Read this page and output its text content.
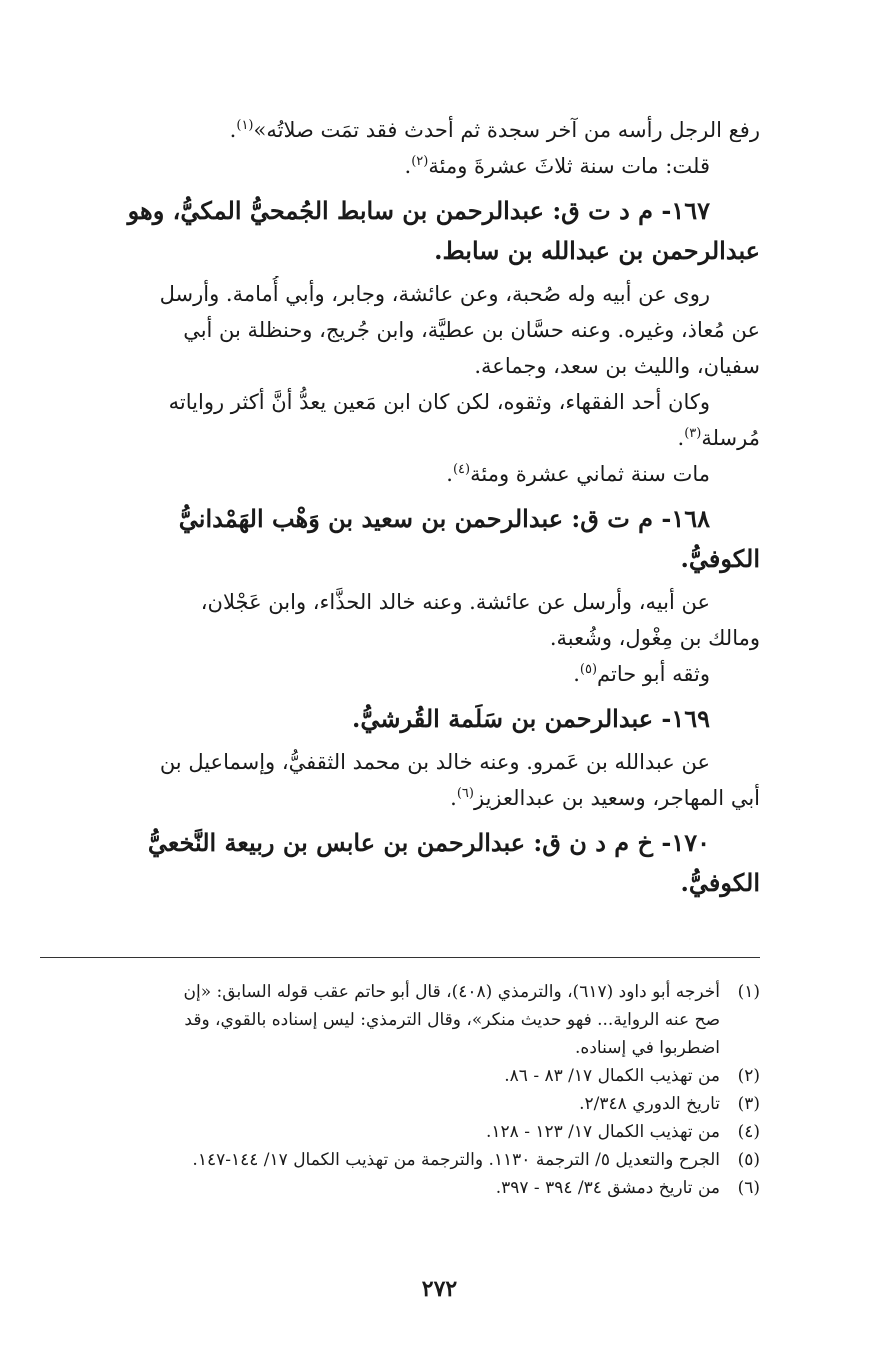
رفع الرجل رأسه من آخر سجدة ثم أحدث فقد تمَت صلاتُه»$^{(١)}$.

قلت: مات سنة ثلاثَ عشرةَ ومئة$^{(٢)}$.

١٦٧- م د ت ق: عبدالرحمن بن سابط الجُمحيُّ المكيُّ، وهو
عبدالرحمن بن عبدالله بن سابط.

روى عن أبيه وله صُحبة، وعن عائشة، وجابر، وأبي أُمامة. وأرسل

عن مُعاذ، وغيره. وعنه حسَّان بن عطيَّة، وابن جُريج، وحنظلة بن أبي

سفيان، والليث بن سعد، وجماعة.

وكان أحد الفقهاء، وثقوه، لكن كان ابن مَعين يعدُّ أنَّ أكثر رواياته

مُرسلة$^{(٣)}$.

مات سنة ثماني عشرة ومئة$^{(٤)}$.

١٦٨- م ت ق: عبدالرحمن بن سعيد بن وَهْب الهَمْدانيُّ
الكوفيُّ.

عن أبيه، وأرسل عن عائشة. وعنه خالد الحذَّاء، وابن عَجْلان،

ومالك بن مِغْول، وشُعبة.

وثقه أبو حاتم$^{(٥)}$.

١٦٩- عبدالرحمن بن سَلَمة القُرشيُّ.

عن عبدالله بن عَمرو. وعنه خالد بن محمد الثقفيُّ، وإسماعيل بن

أبي المهاجر، وسعيد بن عبدالعزيز$^{(٦)}$.

١٧٠- خ م د ن ق: عبدالرحمن بن عابس بن ربيعة النَّخعيُّ
الكوفيُّ.
(١)
أخرجه أبو داود (٦١٧)، والترمذي (٤٠٨)، قال أبو حاتم عقب قوله السابق: «إن
صح عنه الرواية... فهو حديث منكر»، وقال الترمذي: ليس إسناده بالقوي، وقد
اضطربوا في إسناده.
(٢)
من تهذيب الكمال ١٧/ ٨٣ - ٨٦.
(٣)
تاريخ الدوري ٢/٣٤٨.
(٤)
من تهذيب الكمال ١٧/ ١٢٣ - ١٢٨.
(٥)
الجرح والتعديل ٥/ الترجمة ١١٣٠. والترجمة من تهذيب الكمال ١٧/ ١٤٤-١٤٧.
(٦)
من تاريخ دمشق ٣٤/ ٣٩٤ - ٣٩٧.
٢٧٢
